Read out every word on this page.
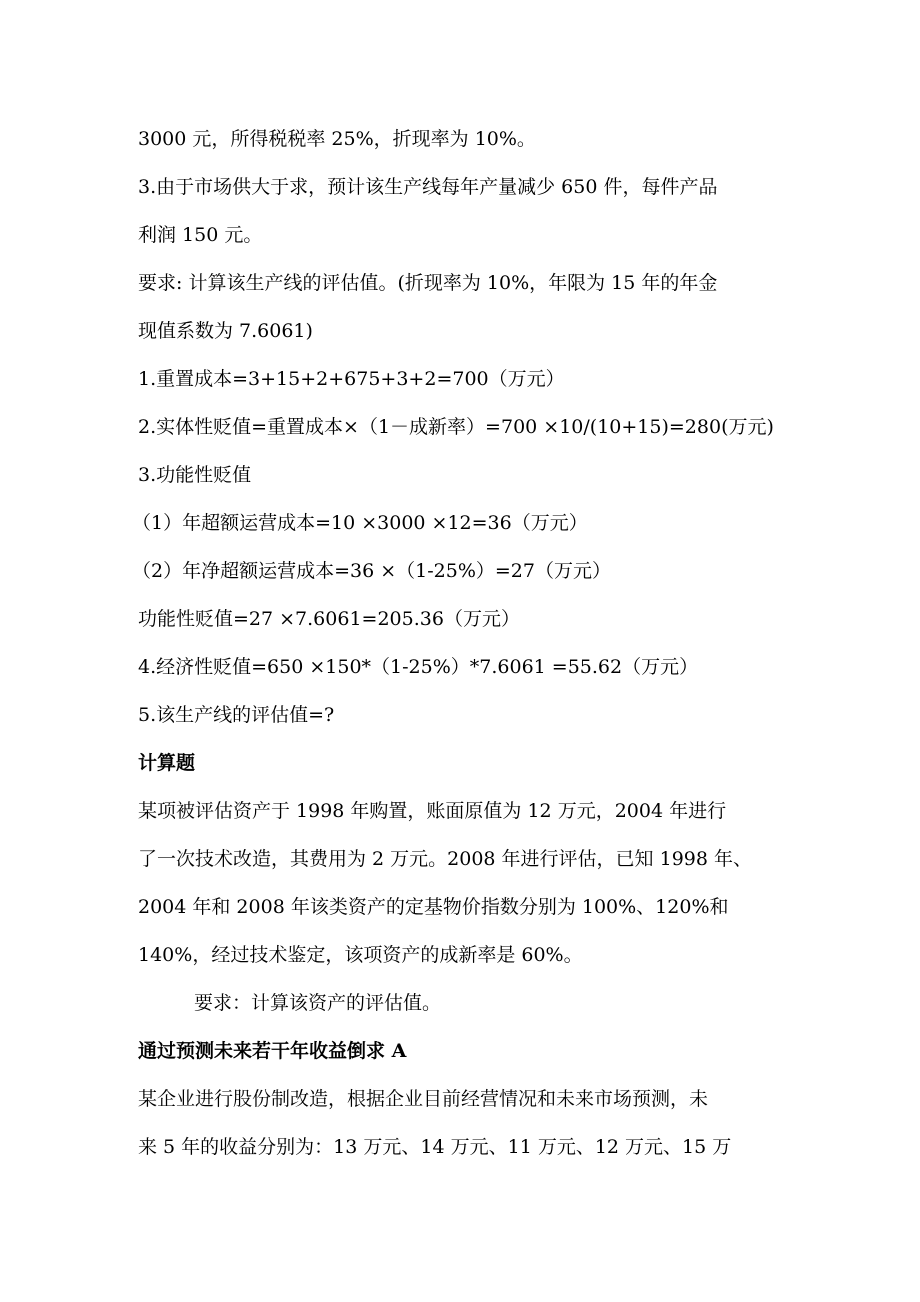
3000 元，所得税税率 25%，折现率为 10%。
3.由于市场供大于求，预计该生产线每年产量减少 650 件，每件产品
利润 150 元。
要求: 计算该生产线的评估值。(折现率为 10%，年限为 15 年的年金
现值系数为 7.6061)
1.重置成本=3+15+2+675+3+2=700（万元）
2.实体性贬值=重置成本×（1－成新率）=700 ×10/(10+15)=280(万元)
3.功能性贬值
（1）年超额运营成本=10 ×3000 ×12=36（万元）
（2）年净超额运营成本=36 ×（1-25%）=27（万元）
功能性贬值=27 ×7.6061=205.36（万元）
4.经济性贬值=650 ×150*（1-25%）*7.6061 =55.62（万元）
5.该生产线的评估值=?
计算题
某项被评估资产于 1998 年购置，账面原值为 12 万元，2004 年进行
了一次技术改造，其费用为 2 万元。2008 年进行评估，已知 1998 年、
2004 年和 2008 年该类资产的定基物价指数分别为 100%、120%和
140%，经过技术鉴定，该项资产的成新率是 60%。
要求：计算该资产的评估值。
通过预测未来若干年收益倒求 A
某企业进行股份制改造，根据企业目前经营情况和未来市场预测，未
来 5 年的收益分别为：13 万元、14 万元、11 万元、12 万元、15 万
